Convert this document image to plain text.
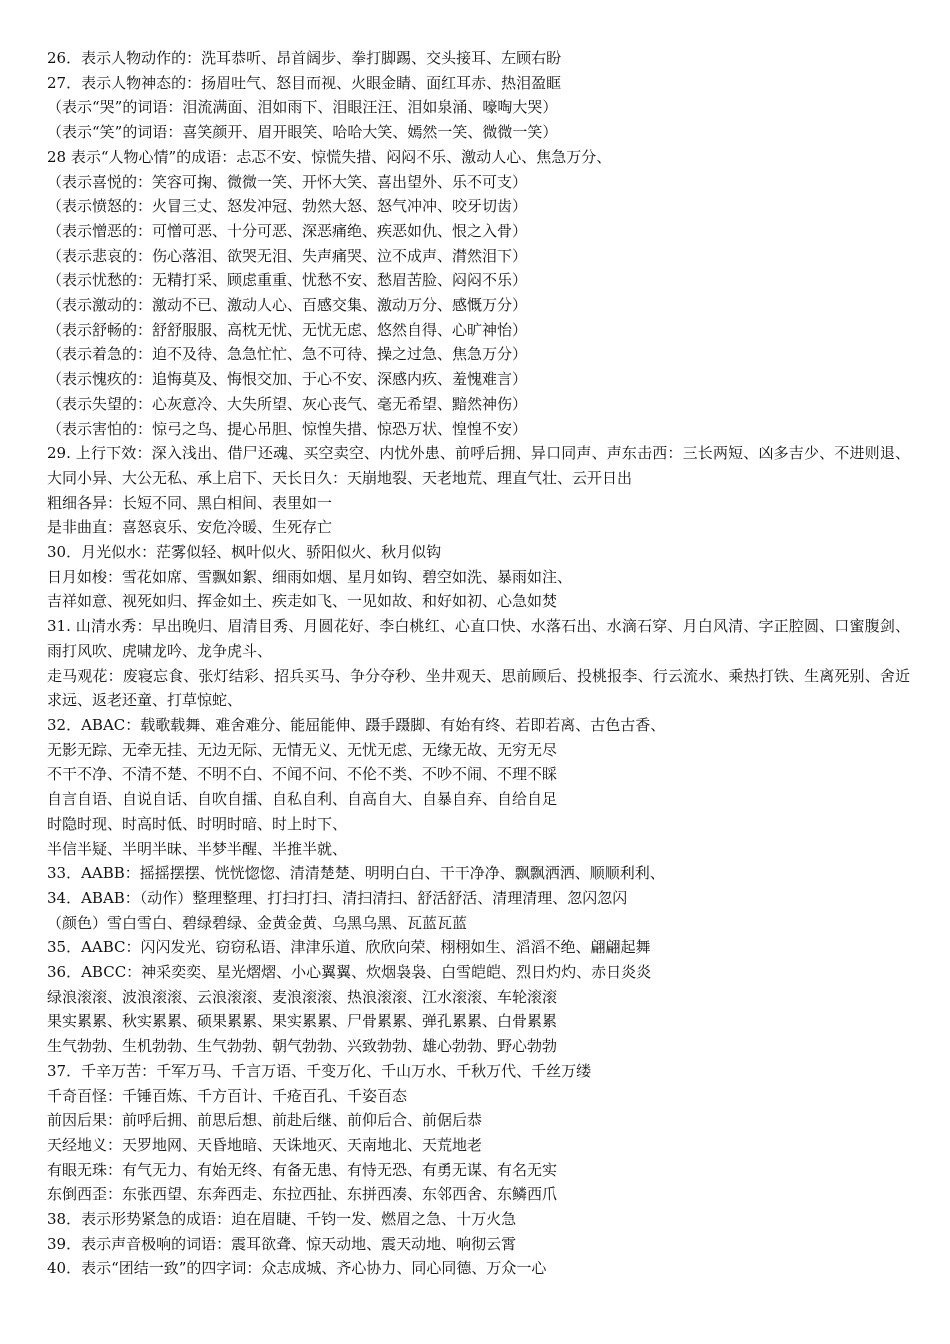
26．表示人物动作的：洗耳恭听、昂首阔步、拳打脚踢、交头接耳、左顾右盼
27．表示人物神态的：扬眉吐气、怒目而视、火眼金睛、面红耳赤、热泪盈眶
（表示“哭”的词语：泪流满面、泪如雨下、泪眼汪汪、泪如泉涌、嚎啕大哭）
（表示“笑”的词语：喜笑颜开、眉开眼笑、哈哈大笑、嫣然一笑、微微一笑）
28 表示“人物心情”的成语：忐忑不安、惊慌失措、闷闷不乐、激动人心、焦急万分、
（表示喜悦的：笑容可掬、微微一笑、开怀大笑、喜出望外、乐不可支）
（表示愤怒的：火冒三丈、怒发冲冠、勃然大怒、怒气冲冲、咬牙切齿）
（表示憎恶的：可憎可恶、十分可恶、深恶痛绝、疾恶如仇、恨之入骨）
（表示悲哀的：伤心落泪、欲哭无泪、失声痛哭、泣不成声、潸然泪下）
（表示忧愁的：无精打采、顾虑重重、忧愁不安、愁眉苦脸、闷闷不乐）
（表示激动的：激动不已、激动人心、百感交集、激动万分、感慨万分）
（表示舒畅的：舒舒服服、高枕无忧、无忧无虑、悠然自得、心旷神怡）
（表示着急的：迫不及待、急急忙忙、急不可待、操之过急、焦急万分）
（表示愧疚的：追悔莫及、悔恨交加、于心不安、深感内疚、羞愧难言）
（表示失望的：心灰意冷、大失所望、灰心丧气、毫无希望、黯然神伤）
（表示害怕的：惊弓之鸟、提心吊胆、惊惶失措、惊恐万状、惶惶不安）
29. 上行下效：深入浅出、借尸还魂、买空卖空、内忧外患、前呼后拥、异口同声、声东击西：三长两短、凶多吉少、不进则退、大同小异、大公无私、承上启下、天长日久：天崩地裂、天老地荒、理直气壮、云开日出
粗细各异：长短不同、黑白相间、表里如一
是非曲直：喜怒哀乐、安危冷暖、生死存亡
30．月光似水：茫雾似轻、枫叶似火、骄阳似火、秋月似钩
日月如梭：雪花如席、雪飘如絮、细雨如烟、星月如钩、碧空如洗、暴雨如注、
吉祥如意、视死如归、挥金如土、疾走如飞、一见如故、和好如初、心急如焚
31. 山清水秀：早出晚归、眉清目秀、月圆花好、李白桃红、心直口快、水落石出、水滴石穿、月白风清、字正腔圆、口蜜腹剑、雨打风吹、虎啸龙吟、龙争虎斗、
走马观花：废寝忘食、张灯结彩、招兵买马、争分夺秒、坐井观天、思前顾后、投桃报李、行云流水、乘热打铁、生离死别、舍近求远、返老还童、打草惊蛇、
32．ABAC：载歌载舞、难舍难分、能屈能伸、蹑手蹑脚、有始有终、若即若离、古色古香、
无影无踪、无牵无挂、无边无际、无情无义、无忧无虑、无缘无故、无穷无尽
不干不净、不清不楚、不明不白、不闻不问、不伦不类、不吵不闹、不理不睬
自言自语、自说自话、自吹自擂、自私自利、自高自大、自暴自弃、自给自足
时隐时现、时高时低、时明时暗、时上时下、
半信半疑、半明半昧、半梦半醒、半推半就、
33．AABB：摇摇摆摆、恍恍惚惚、清清楚楚、明明白白、干干净净、飘飘洒洒、顺顺利利、
34．ABAB：（动作）整理整理、打扫打扫、清扫清扫、舒活舒活、清理清理、忽闪忽闪
（颜色）雪白雪白、碧绿碧绿、金黄金黄、乌黑乌黑、瓦蓝瓦蓝
35．AABC：闪闪发光、窃窃私语、津津乐道、欣欣向荣、栩栩如生、滔滔不绝、翩翩起舞
36．ABCC：神采奕奕、星光熠熠、小心翼翼、炊烟袅袅、白雪皑皑、烈日灼灼、赤日炎炎
绿浪滚滚、波浪滚滚、云浪滚滚、麦浪滚滚、热浪滚滚、江水滚滚、车轮滚滚
果实累累、秋实累累、硕果累累、果实累累、尸骨累累、弹孔累累、白骨累累
生气勃勃、生机勃勃、生气勃勃、朝气勃勃、兴致勃勃、雄心勃勃、野心勃勃
37．千辛万苦：千军万马、千言万语、千变万化、千山万水、千秋万代、千丝万缕
千奇百怪：千锤百炼、千方百计、千疮百孔、千姿百态
前因后果：前呼后拥、前思后想、前赴后继、前仰后合、前倨后恭
天经地义：天罗地网、天昏地暗、天诛地灭、天南地北、天荒地老
有眼无珠：有气无力、有始无终、有备无患、有恃无恐、有勇无谋、有名无实
东倒西歪：东张西望、东奔西走、东拉西扯、东拼西凑、东邻西舍、东鳞西爪
38．表示形势紧急的成语：迫在眉睫、千钧一发、燃眉之急、十万火急
39．表示声音极响的词语：震耳欲聋、惊天动地、震天动地、响彻云霄
40．表示“团结一致”的四字词：众志成城、齐心协力、同心同德、万众一心
